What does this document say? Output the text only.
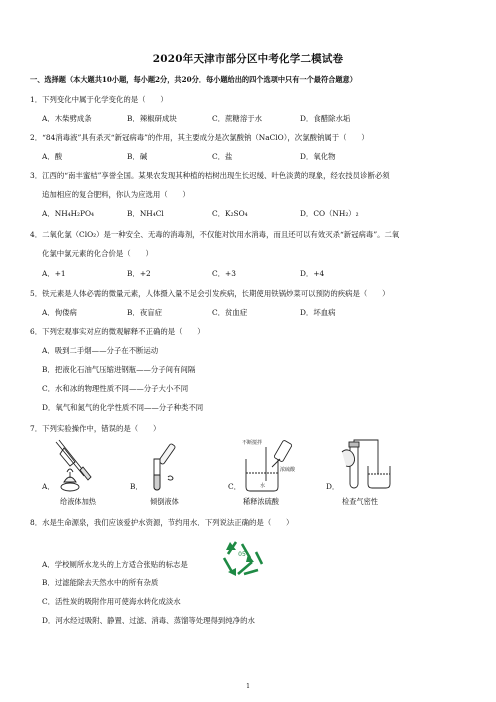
2020年天津市部分区中考化学二模试卷
一、选择题（本大题共10小题，每小题2分，共20分．每小题给出的四个选项中只有一个最符合题意）
1．下列变化中属于化学变化的是（　　）
A．木柴劈成条	B．辣椒研成块	C．蔗糖溶于水	D．食醋除水垢
2．“84消毒液”具有杀灭“新冠病毒”的作用，其主要成分是次氯酸钠（NaClO），次氯酸钠属于（　　）
A．酸	B．碱	C．盐	D．氧化物
3．江西的“南丰蜜桔”享誉全国。某果农发现其种植的桔树出现生长迟缓、叶色淡黄的现象，经农技员诊断必须
追加相应的复合肥料，你认为应选用（　　）
A．NH₄H₂PO₄	B．NH₄Cl	C．K₂SO₄	D．CO（NH₂）₂
4．二氧化氯（ClO₂）是一种安全、无毒的消毒剂，不仅能对饮用水消毒，而且还可以有效灭杀“新冠病毒”。二氧
化氯中氯元素的化合价是（　　）
A．+1	B．+2	C．+3	D．+4
5．铁元素是人体必需的微量元素，人体摄入量不足会引发疾病，长期使用铁锅炒菜可以预防的疾病是（　　）
A．佝偻病	B．夜盲症	C．贫血症	D．坏血病
6．下列宏观事实对应的微观解释不正确的是（　　）
A．吸到二手烟——分子在不断运动
B．把液化石油气压缩进钢瓶——分子间有间隔
C．水和冰的物理性质不同——分子大小不同
D．氧气和氮气的化学性质不同——分子种类不同
7．下列实验操作中，错误的是（　　）
A．
给液体加热
B．
倾倒液体
C．
不断搅拌
浓硫酸
水
稀释浓硫酸
D．
检查气密性
8．水是生命源泉，我们应该爱护水资源，节约用水．下列说法正确的是（　　）
A．学校厕所水龙头的上方适合张贴的标志是
05
B．过滤能除去天然水中的所有杂质
C．活性炭的吸附作用可使海水转化成淡水
D．河水经过吸附、静置、过滤、消毒、蒸馏等处理得到纯净的水
1
